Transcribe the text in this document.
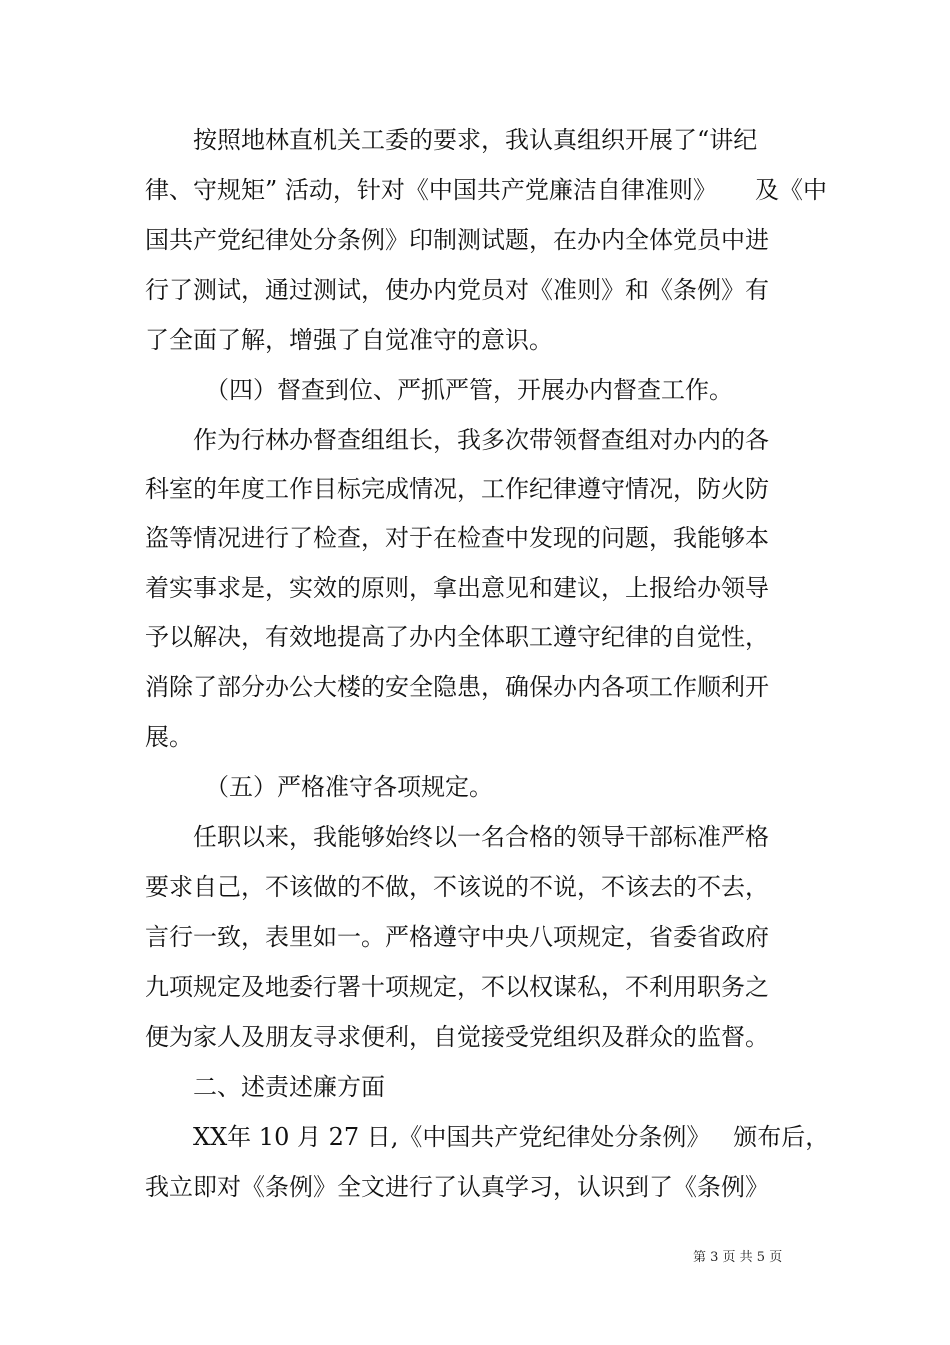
按照地林直机关工委的要求，我认真组织开展了“讲纪
律、守规矩” 活动，针对《中国共产党廉洁自律准则》     及《中
国共产党纪律处分条例》印制测试题，在办内全体党员中进
行了测试，通过测试，使办内党员对《准则》和《条例》有
了全面了解，增强了自觉准守的意识。
（四）督查到位、严抓严管，开展办内督查工作。
作为行林办督查组组长，我多次带领督查组对办内的各
科室的年度工作目标完成情况，工作纪律遵守情况，防火防
盗等情况进行了检查，对于在检查中发现的问题，我能够本
着实事求是，实效的原则，拿出意见和建议，上报给办领导
予以解决，有效地提高了办内全体职工遵守纪律的自觉性，
消除了部分办公大楼的安全隐患，确保办内各项工作顺利开
展。
（五）严格准守各项规定。
任职以来，我能够始终以一名合格的领导干部标准严格
要求自己，不该做的不做，不该说的不说，不该去的不去，
言行一致，表里如一。严格遵守中央八项规定，省委省政府
九项规定及地委行署十项规定，不以权谋私，不利用职务之
便为家人及朋友寻求便利，自觉接受党组织及群众的监督。
二、述责述廉方面
XX年 10 月 27 日,《中国共产党纪律处分条例》   颁布后，
我立即对《条例》全文进行了认真学习，认识到了《条例》
第 3 页 共 5 页
